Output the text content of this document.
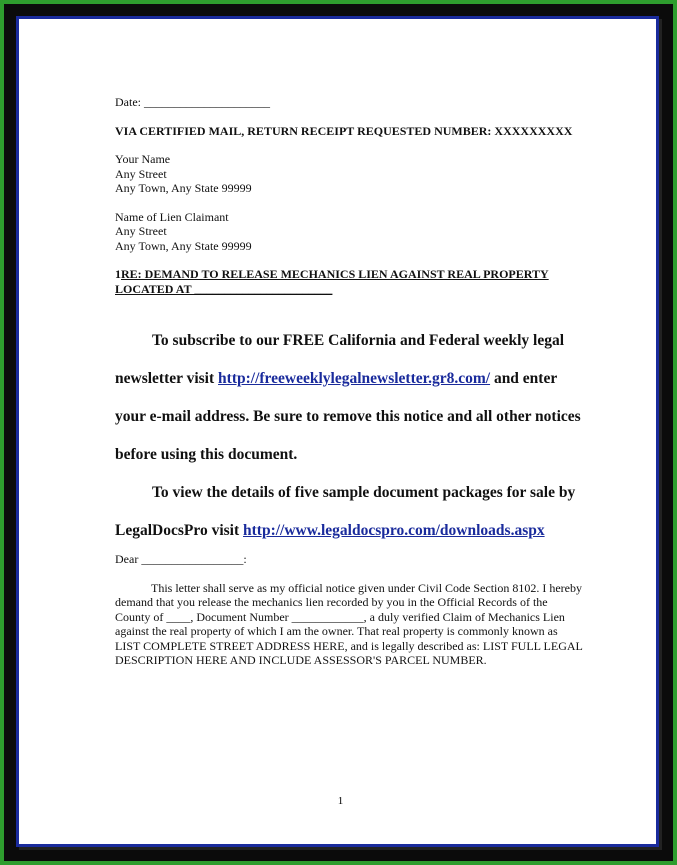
Date: _____________________

VIA CERTIFIED MAIL, RETURN RECEIPT REQUESTED NUMBER: XXXXXXXXX

Your Name

Any Street

Any Town, Any State 99999

Name of Lien Claimant

Any Street

Any Town, Any State 99999

1RE: DEMAND TO RELEASE MECHANICS LIEN AGAINST REAL PROPERTY LOCATED AT _______________________

To subscribe to our FREE California and Federal weekly legal newsletter visit http://freeweeklylegalnewsletter.gr8.com/ and enter your e-mail address. Be sure to remove this notice and all other notices before using this document.

To view the details of five sample document packages for sale by LegalDocsPro visit http://www.legaldocspro.com/downloads.aspx

Dear _________________:

This letter shall serve as my official notice given under Civil Code Section 8102. I hereby demand that you release the mechanics lien recorded by you in the Official Records of the County of ____, Document Number ____________, a duly verified Claim of Mechanics Lien against the real property of which I am the owner. That real property is commonly known as LIST COMPLETE STREET ADDRESS HERE, and is legally described as: LIST FULL LEGAL DESCRIPTION HERE AND INCLUDE ASSESSOR'S PARCEL NUMBER.

1
